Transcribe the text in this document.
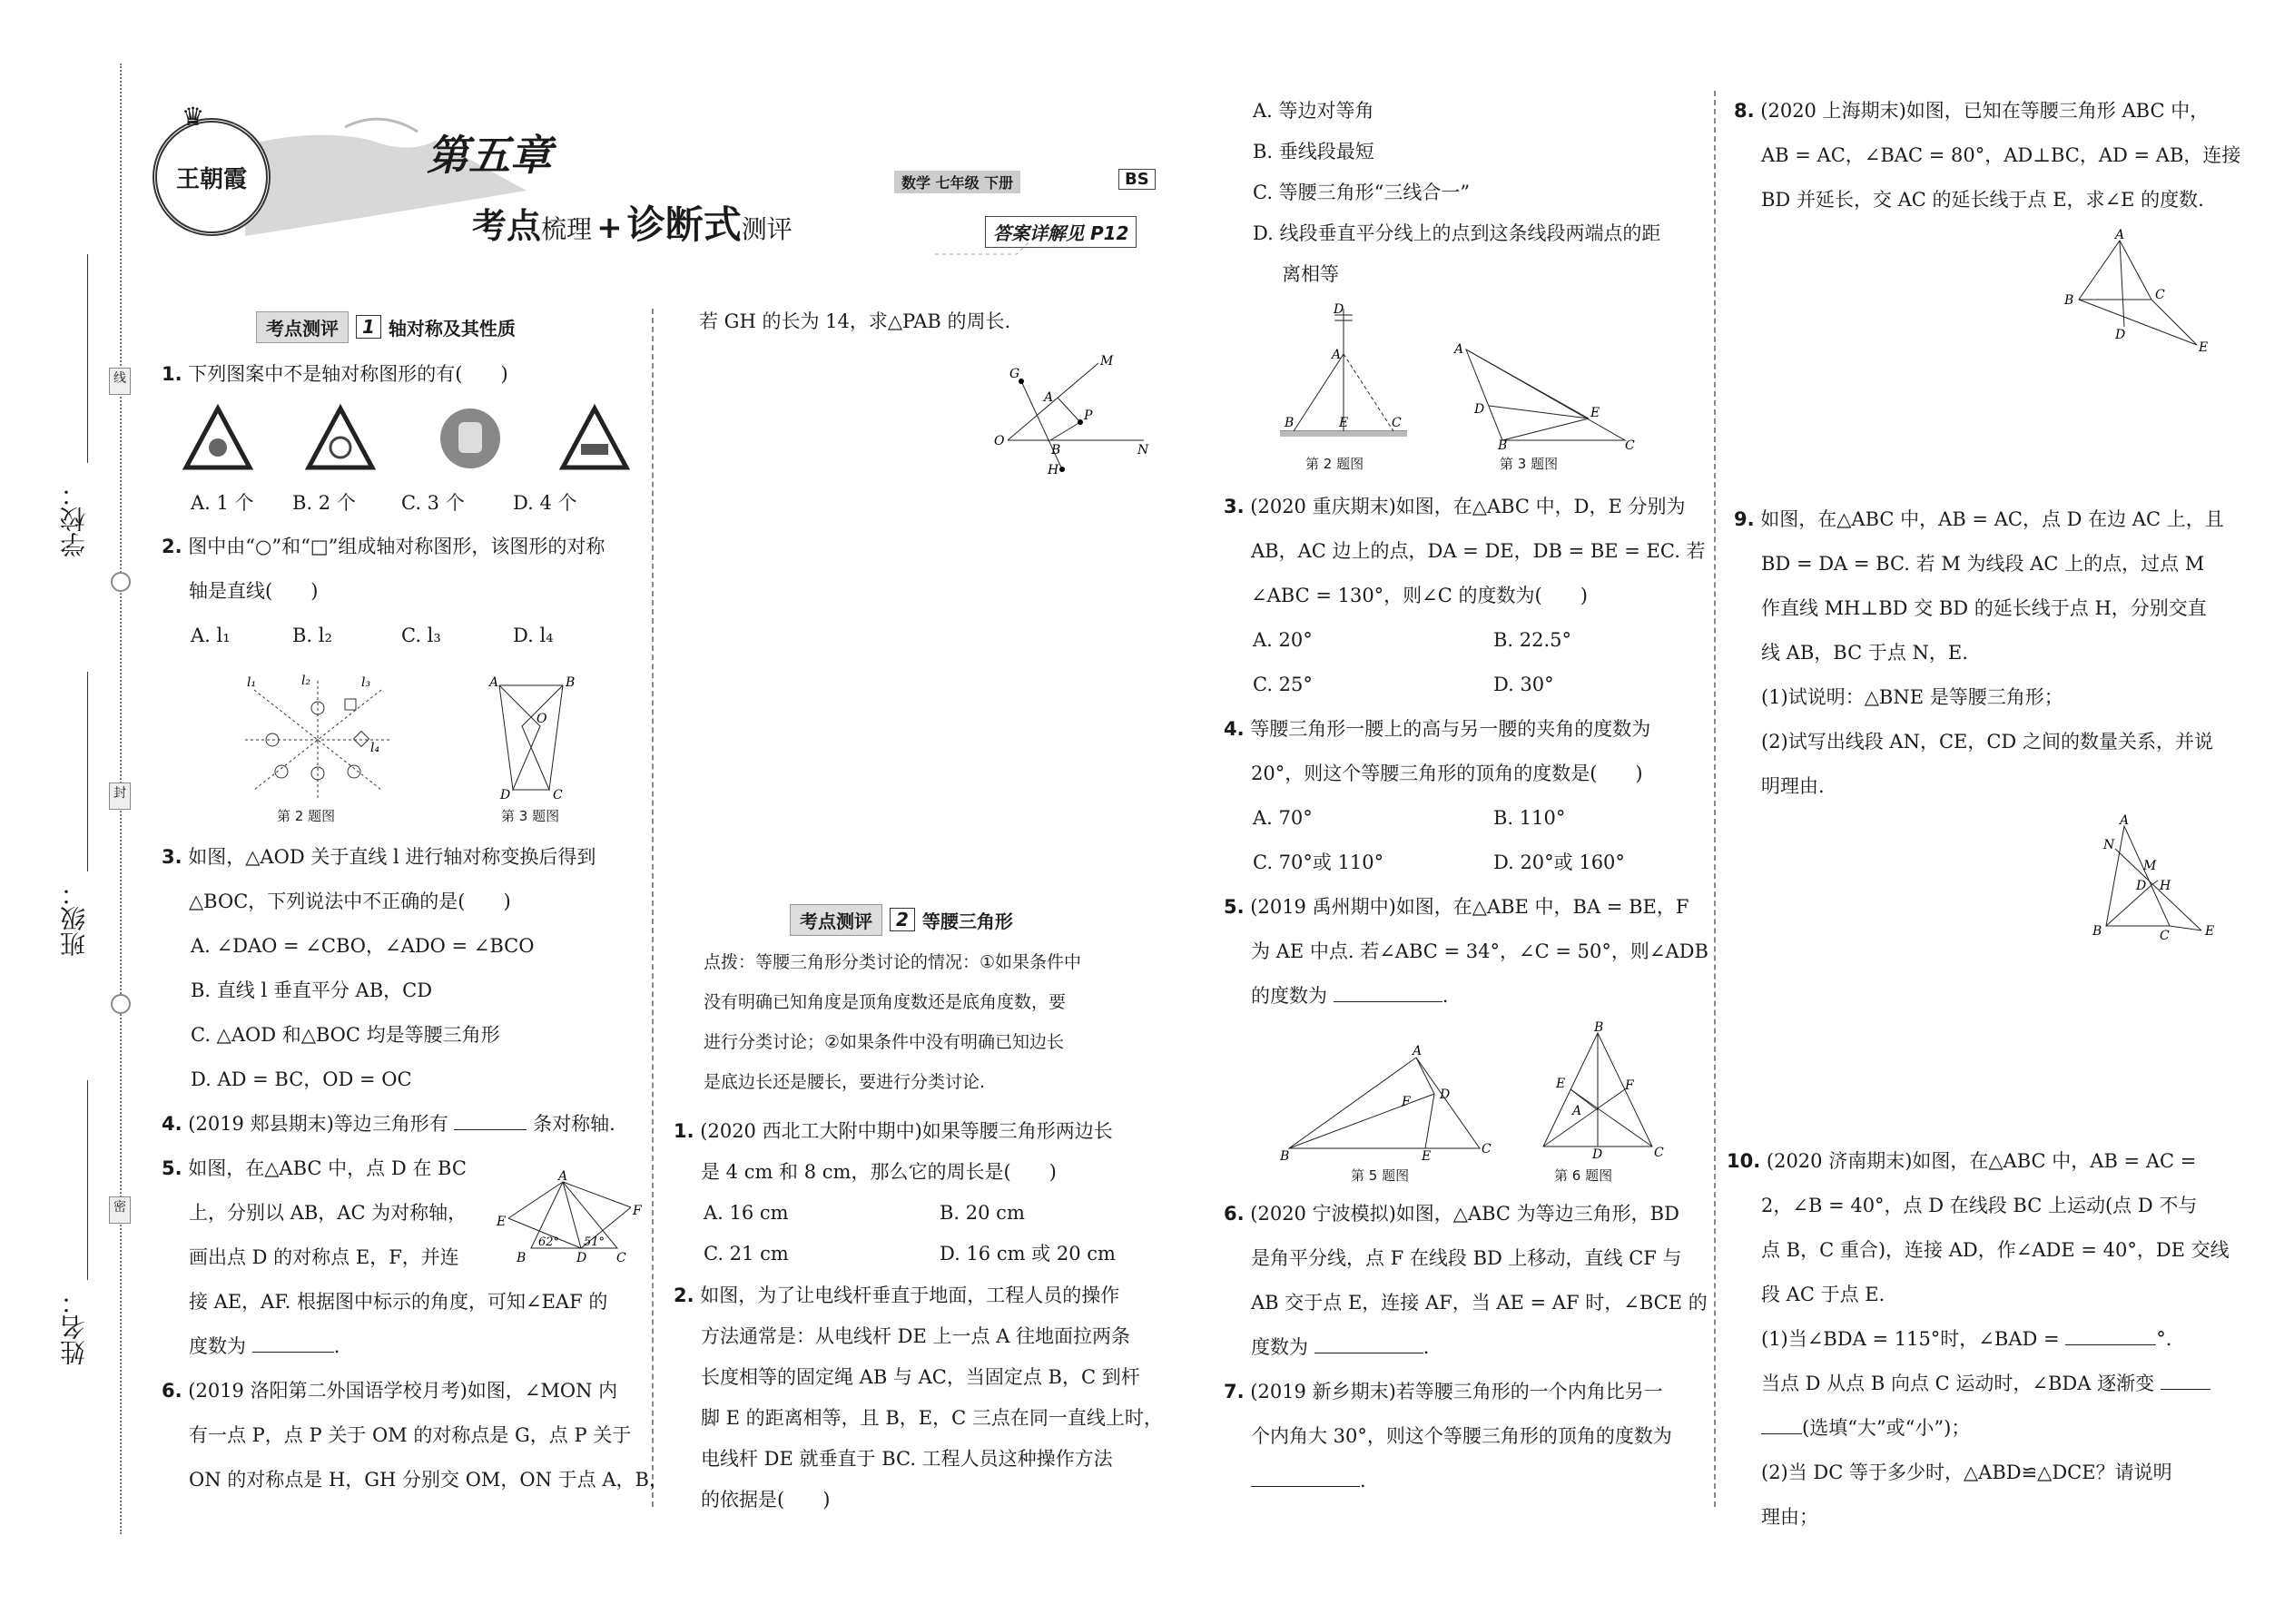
学校：
班级：
姓名：
线
封
密
王朝霞
♛
第五章
考点梳理 + 诊断式测评
数学 七年级 下册	BS
答案详解见 P12
考点测评	1 轴对称及其性质
1. 下列图案中不是轴对称图形的有(　　)
A. 1 个 B. 2 个 C. 3 个	D. 4 个
2. 图中由“○”和“□”组成轴对称图形，该图形的对称
轴是直线(　　)
A. l₁	B. l₂	C. l₃	D. l₄
l₁	l₂	l₃
l₄
A	B
O
D	C
第 2 题图	第 3 题图
3. 如图，△AOD 关于直线 l 进行轴对称变换后得到
△BOC，下列说法中不正确的是(　　)
A. ∠DAO = ∠CBO，∠ADO = ∠BCO
B. 直线 l 垂直平分 AB，CD
C. △AOD 和△BOC 均是等腰三角形
D. AD = BC，OD = OC
4. (2019 郏县期末)等边三角形有	条对称轴.
5. 如图，在△ABC 中，点 D 在 BC
上，分别以 AB，AC 为对称轴，
画出点 D 的对称点 E，F，并连
接 AE，AF. 根据图中标示的角度，可知∠EAF 的
度数为	.
A
E
F
B	D C
62° 51°
6. (2019 洛阳第二外国语学校月考)如图，∠MON 内
有一点 P，点 P 关于 OM 的对称点是 G，点 P 关于
ON 的对称点是 H，GH 分别交 OM，ON 于点 A，B，
若 GH 的长为 14，求△PAB 的周长.
O
G
M
A
P
B
H
N
考点测评	2 等腰三角形
点拨：等腰三角形分类讨论的情况：①如果条件中
没有明确已知角度是顶角度数还是底角度数，要
进行分类讨论；②如果条件中没有明确已知边长
是底边长还是腰长，要进行分类讨论.
1. (2020 西北工大附中期中)如果等腰三角形两边长
是 4 cm 和 8 cm，那么它的周长是(　　)
A. 16 cm	B. 20 cm
C. 21 cm	D. 16 cm 或 20 cm
2. 如图，为了让电线杆垂直于地面，工程人员的操作
方法通常是：从电线杆 DE 上一点 A 往地面拉两条
长度相等的固定绳 AB 与 AC，当固定点 B，C 到杆
脚 E 的距离相等，且 B，E，C 三点在同一直线上时，
电线杆 DE 就垂直于 BC. 工程人员这种操作方法
的依据是(　　)
A. 等边对等角
B. 垂线段最短
C. 等腰三角形“三线合一”
D. 线段垂直平分线上的点到这条线段两端点的距
离相等
D
A
B	E	C
A
D	E
B	C
第 2 题图	第 3 题图
3. (2020 重庆期末)如图，在△ABC 中，D，E 分别为
AB，AC 边上的点，DA = DE，DB = BE = EC. 若
∠ABC = 130°，则∠C 的度数为(　　)
A. 20°	B. 22.5°
C. 25°	D. 30°
4. 等腰三角形一腰上的高与另一腰的夹角的度数为
20°，则这个等腰三角形的顶角的度数是(　　)
A. 70°	B. 110°
C. 70°或 110°	D. 20°或 160°
5. (2019 禹州期中)如图，在△ABE 中，BA = BE，F
为 AE 中点. 若∠ABC = 34°，∠C = 50°，则∠ADB
的度数为	.
A
F D
B	E	C
B
E	F
A
D	C
第 5 题图	第 6 题图
6. (2020 宁波模拟)如图，△ABC 为等边三角形，BD
是角平分线，点 F 在线段 BD 上移动，直线 CF 与
AB 交于点 E，连接 AF，当 AE = AF 时，∠BCE 的
度数为	.
7. (2019 新乡期末)若等腰三角形的一个内角比另一
个内角大 30°，则这个等腰三角形的顶角的度数为
.
8. (2020 上海期末)如图，已知在等腰三角形 ABC 中，
AB = AC，∠BAC = 80°，AD⊥BC，AD = AB，连接
BD 并延长，交 AC 的延长线于点 E，求∠E 的度数.
A
B	C
D
E
9. 如图，在△ABC 中，AB = AC，点 D 在边 AC 上，且
BD = DA = BC. 若 M 为线段 AC 上的点，过点 M
作直线 MH⊥BD 交 BD 的延长线于点 H，分别交直
线 AB，BC 于点 N，E.
(1)试说明：△BNE 是等腰三角形；
(2)试写出线段 AN，CE，CD 之间的数量关系，并说
明理由.
A
N
M
D H
B	C	E
10. (2020 济南期末)如图，在△ABC 中，AB = AC =
2，∠B = 40°，点 D 在线段 BC 上运动(点 D 不与
点 B，C 重合)，连接 AD，作∠ADE = 40°，DE 交线
段 AC 于点 E.
(1)当∠BDA = 115°时，∠BAD =	°.
当点 D 从点 B 向点 C 运动时，∠BDA 逐渐变
(选填“大”或“小”)；
(2)当 DC 等于多少时，△ABD≌△DCE？请说明
理由；
